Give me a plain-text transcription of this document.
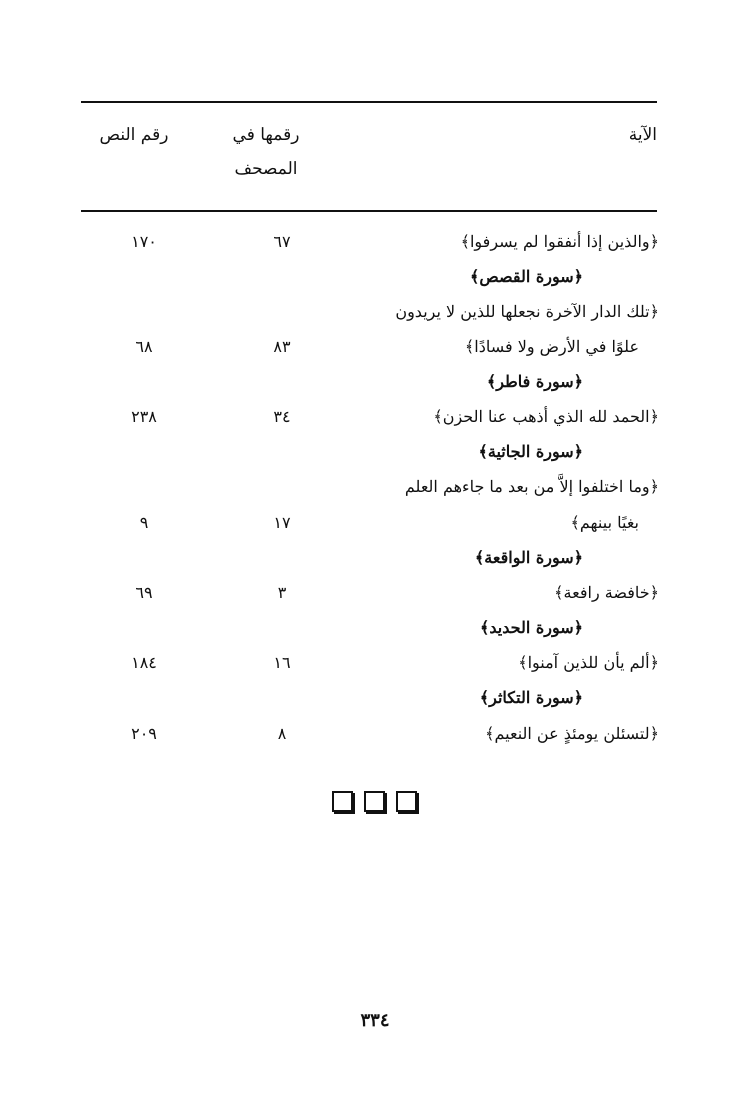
الآية
رقمها في
المصحف
رقم النص
﴿والذين إذا أنفقوا لم يسرفوا﴾
٦٧
١٧٠
﴿سورة القصص﴾
﴿تلك الدار الآخرة نجعلها للذين لا يريدون
علوًا في الأرض ولا فسادًا﴾
٨٣
٦٨
﴿سورة فاطر﴾
﴿الحمد لله الذي أذهب عنا الحزن﴾
٣٤
٢٣٨
﴿سورة الجاثية﴾
﴿وما اختلفوا إلاَّ من بعد ما جاءهم العلم
بغيًا بينهم﴾
١٧
٩
﴿سورة الواقعة﴾
﴿خافضة رافعة﴾
٣
٦٩
﴿سورة الحديد﴾
﴿ألم يأن للذين آمنوا﴾
١٦
١٨٤
﴿سورة التكاثر﴾
﴿لتسئلن يومئذٍ عن النعيم﴾
٨
٢٠٩
٣٣٤
